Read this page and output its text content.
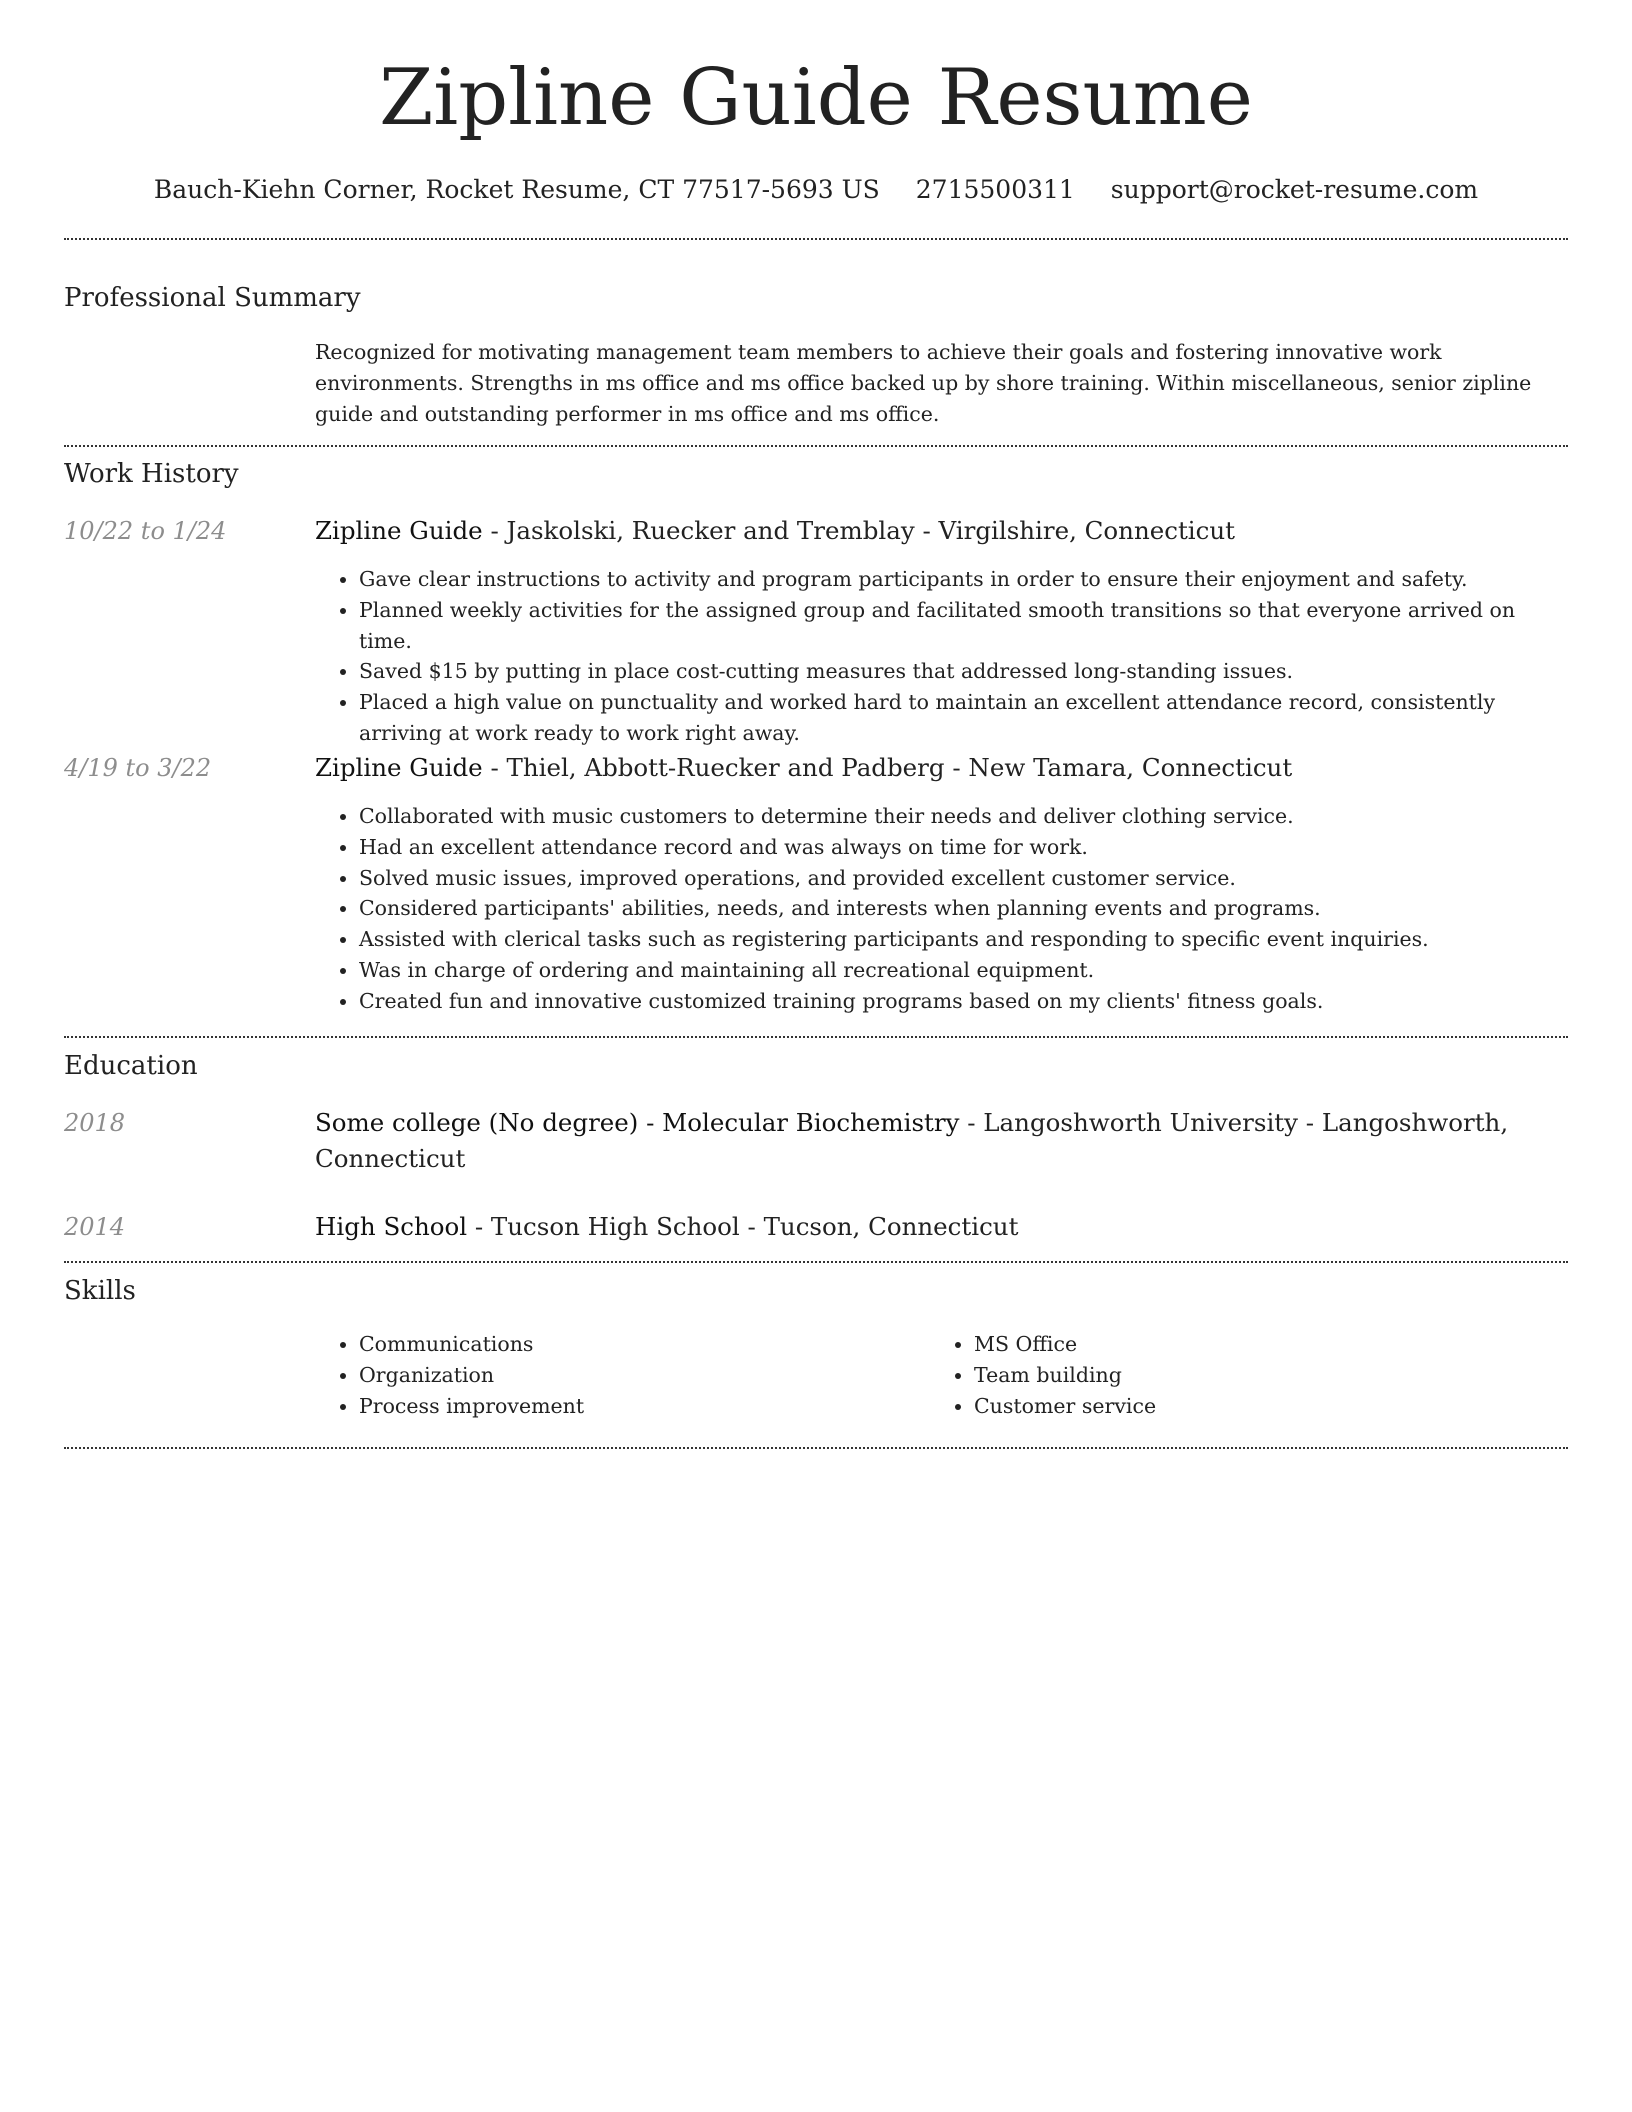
Zipline Guide Resume
Bauch-Kiehn Corner, Rocket Resume, CT 77517-5693 US 2715500311 support@rocket-resume.com
Professional Summary
Recognized for motivating management team members to achieve their goals and fostering innovative work environments. Strengths in ms office and ms office backed up by shore training. Within miscellaneous, senior zipline guide and outstanding performer in ms office and ms office.
Work History
10/22 to 1/24	Zipline Guide - Jaskolski, Ruecker and Tremblay - Virgilshire, Connecticut
• Gave clear instructions to activity and program participants in order to ensure their enjoyment and safety.
• Planned weekly activities for the assigned group and facilitated smooth transitions so that everyone arrived on time.
• Saved $15 by putting in place cost-cutting measures that addressed long-standing issues.
• Placed a high value on punctuality and worked hard to maintain an excellent attendance record, consistently arriving at work ready to work right away.
4/19 to 3/22	Zipline Guide - Thiel, Abbott-Ruecker and Padberg - New Tamara, Connecticut
• Collaborated with music customers to determine their needs and deliver clothing service.
• Had an excellent attendance record and was always on time for work.
• Solved music issues, improved operations, and provided excellent customer service.
• Considered participants' abilities, needs, and interests when planning events and programs.
• Assisted with clerical tasks such as registering participants and responding to specific event inquiries.
• Was in charge of ordering and maintaining all recreational equipment.
• Created fun and innovative customized training programs based on my clients' fitness goals.
Education
2018	Some college (No degree) - Molecular Biochemistry - Langoshworth University - Langoshworth, Connecticut
2014	High School - Tucson High School - Tucson, Connecticut
Skills
• Communications
• Organization
• Process improvement
• MS Office
• Team building
• Customer service
